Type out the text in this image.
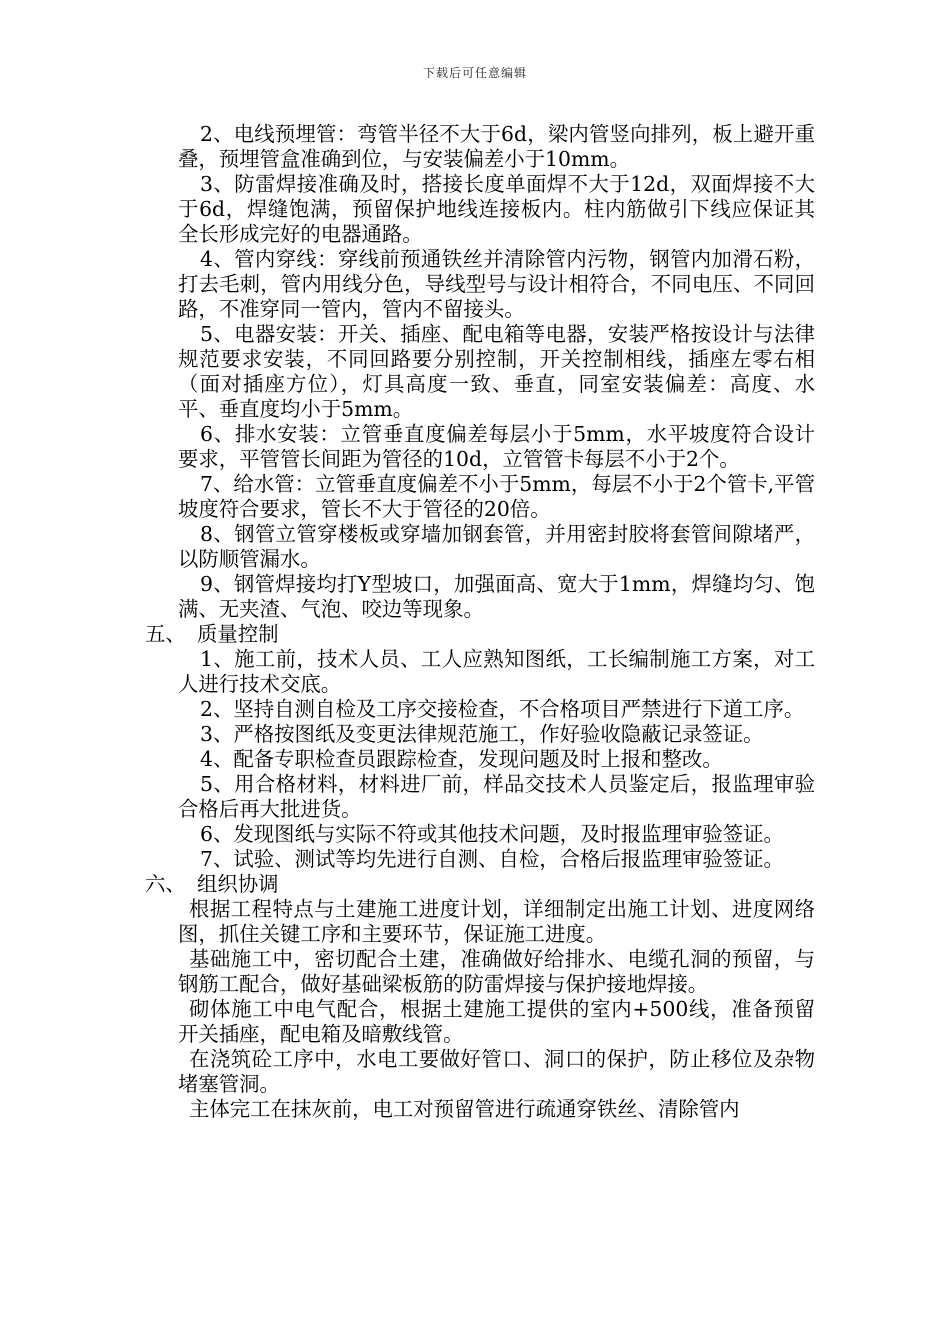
下载后可任意编辑

2、电线预埋管：弯管半径不大于6d，梁内管竖向排列，板上避开重叠，预埋管盒准确到位，与安装偏差小于10mm。

3、防雷焊接准确及时，搭接长度单面焊不大于12d，双面焊接不大于6d，焊缝饱满，预留保护地线连接板内。柱内筋做引下线应保证其全长形成完好的电器通路。

4、管内穿线：穿线前预通铁丝并清除管内污物，钢管内加滑石粉，打去毛刺，管内用线分色，导线型号与设计相符合，不同电压、不同回路，不准穿同一管内，管内不留接头。

5、电器安装：开关、插座、配电箱等电器，安装严格按设计与法律规范要求安装，不同回路要分别控制，开关控制相线，插座左零右相（面对插座方位），灯具高度一致、垂直，同室安装偏差：高度、水平、垂直度均小于5mm。

6、排水安装：立管垂直度偏差每层小于5mm，水平坡度符合设计要求，平管管长间距为管径的10d，立管管卡每层不小于2个。

7、给水管：立管垂直度偏差不小于5mm，每层不小于2个管卡,平管坡度符合要求，管长不大于管径的20倍。

8、钢管立管穿楼板或穿墙加钢套管，并用密封胶将套管间隙堵严，以防顺管漏水。

9、钢管焊接均打Y型坡口，加强面高、宽大于1mm，焊缝均匀、饱满、无夹渣、气泡、咬边等现象。

五、 质量控制

1、施工前，技术人员、工人应熟知图纸，工长编制施工方案，对工人进行技术交底。

2、坚持自测自检及工序交接检查，不合格项目严禁进行下道工序。

3、严格按图纸及变更法律规范施工，作好验收隐蔽记录签证。

4、配备专职检查员跟踪检查，发现问题及时上报和整改。

5、用合格材料，材料进厂前，样品交技术人员鉴定后，报监理审验合格后再大批进货。

6、发现图纸与实际不符或其他技术问题，及时报监理审验签证。

7、试验、测试等均先进行自测、自检，合格后报监理审验签证。

六、 组织协调

根据工程特点与土建施工进度计划，详细制定出施工计划、进度网络图，抓住关键工序和主要环节，保证施工进度。

基础施工中，密切配合土建，准确做好给排水、电缆孔洞的预留，与钢筋工配合，做好基础梁板筋的防雷焊接与保护接地焊接。

砌体施工中电气配合，根据土建施工提供的室内+500线，准备预留开关插座，配电箱及暗敷线管。

在浇筑砼工序中，水电工要做好管口、洞口的保护，防止移位及杂物堵塞管洞。

主体完工在抹灰前，电工对预留管进行疏通穿铁丝、清除管内
